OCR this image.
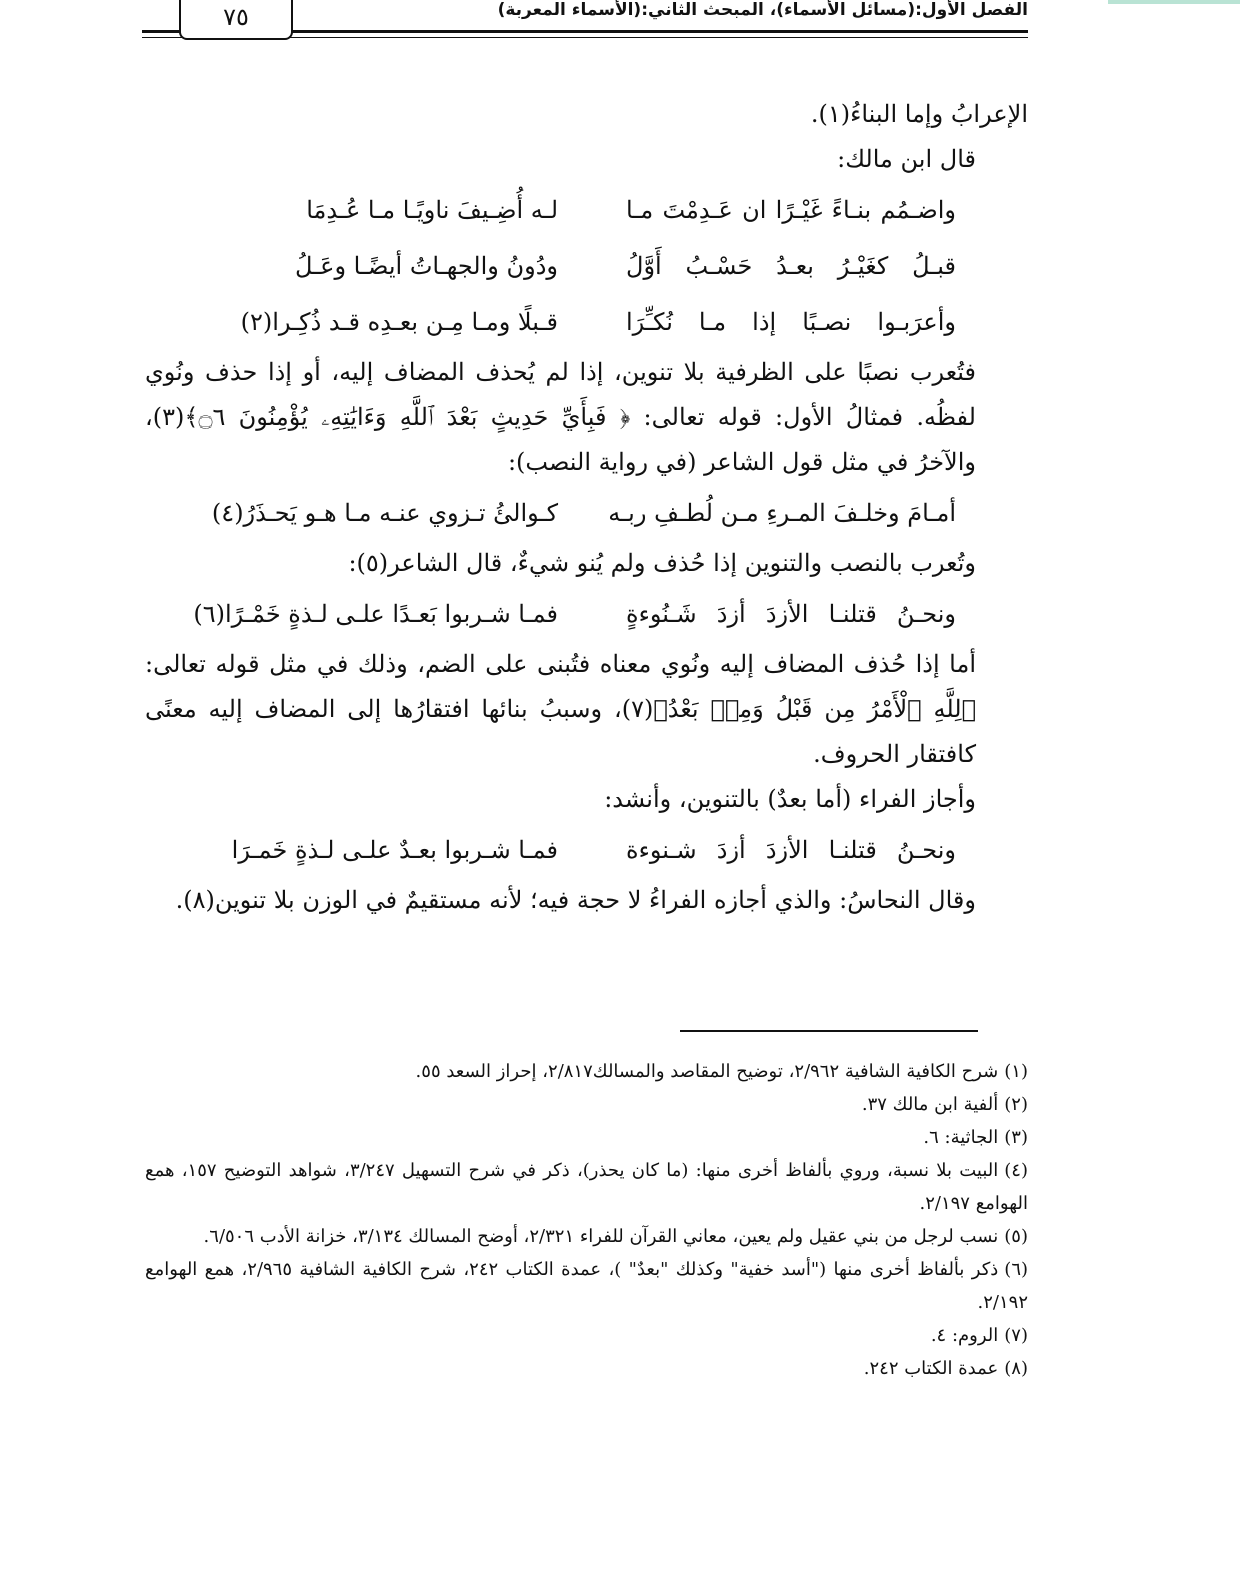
٧٥	الفصل الأول:(مسائل الأسماء)، المبحث الثاني:(الأسماء المعربة)

الإعرابُ وإما البناءُ(١).

قال ابن مالك:

واضـمُم بنـاءً غَيْـرًا ان عَـدِمْتَ مـا
لـه أُضِـيفَ ناويًـا مـا عُـدِمَا
قبـلُ كغَيْـرُ بعـدُ حَسْـبُ أَوَّلُ
ودُونُ والجهـاتُ أيضًـا وعَـلُ
وأعرَبـوا نصـبًا إذا مـا نُكـِّرَا
قـبلًا ومـا مِـن بعـدِه قـد ذُكِـرا(٢)

فتُعرب نصبًا على الظرفية بلا تنوين، إذا لم يُحذف المضاف إليه، أو إذا حذف ونُوي لفظُه. فمثالُ الأول: قوله تعالى: ﴿ فَبِأَيِّ حَدِيثٍ بَعْدَ ٱللَّهِ وَءَايَٰتِهِۦ يُؤْمِنُونَ ۝٦﴾(٣)، والآخرُ في مثل قول الشاعر (في رواية النصب):

أمـامَ وخلـفَ المـرءِ مـن لُطـفِ ربـه
كـوالئُ تـزوي عنـه مـا هـو يَحـذَرُ(٤)

وتُعرب بالنصب والتنوين إذا حُذف ولم يُنو شيءٌ، قال الشاعر(٥):

ونحـنُ قتلنـا الأزدَ أزدَ شَـنُوءةٍ
فمـا شـربوا بَعـدًا علـى لـذةٍ خَمْـرًا(٦)

أما إذا حُذف المضاف إليه ونُوي معناه فتُبنى على الضم، وذلك في مثل قوله تعالى: ﴿لِلَّهِ ٱلْأَمْرُ مِن قَبْلُ وَمِنۢ بَعْدُ﴾(٧)، وسببُ بنائها افتقارُها إلى المضاف إليه معنًى كافتقار الحروف.

وأجاز الفراء (أما بعدٌ) بالتنوين، وأنشد:

ونحـنُ قتلنـا الأزدَ أزدَ شـنوءة
فمـا شـربوا بعـدٌ علـى لـذةٍ خَمـرَا

وقال النحاسُ: والذي أجازه الفراءُ لا حجة فيه؛ لأنه مستقيمٌ في الوزن بلا تنوين(٨).

(١)شرح الكافية الشافية ٢/٩٦٢، توضيح المقاصد والمسالك٢/٨١٧، إحراز السعد ٥٥.

(٢)ألفية ابن مالك ٣٧.

(٣)الجاثية: ٦.

(٤)البيت بلا نسبة، وروي بألفاظ أخرى منها: (ما كان يحذر)، ذكر في شرح التسهيل ٣/٢٤٧، شواهد التوضيح ١٥٧، همع الهوامع ٢/١٩٧.

(٥)نسب لرجل من بني عقيل ولم يعين، معاني القرآن للفراء ٢/٣٢١، أوضح المسالك ٣/١٣٤، خزانة الأدب ٦/٥٠٦.

(٦)ذكر بألفاظ أخرى منها ("أسد خفية" وكذلك "بعدٌ" )، عمدة الكتاب ٢٤٢، شرح الكافية الشافية ٢/٩٦٥، همع الهوامع ٢/١٩٢.

(٧)الروم: ٤.

(٨)عمدة الكتاب ٢٤٢.
